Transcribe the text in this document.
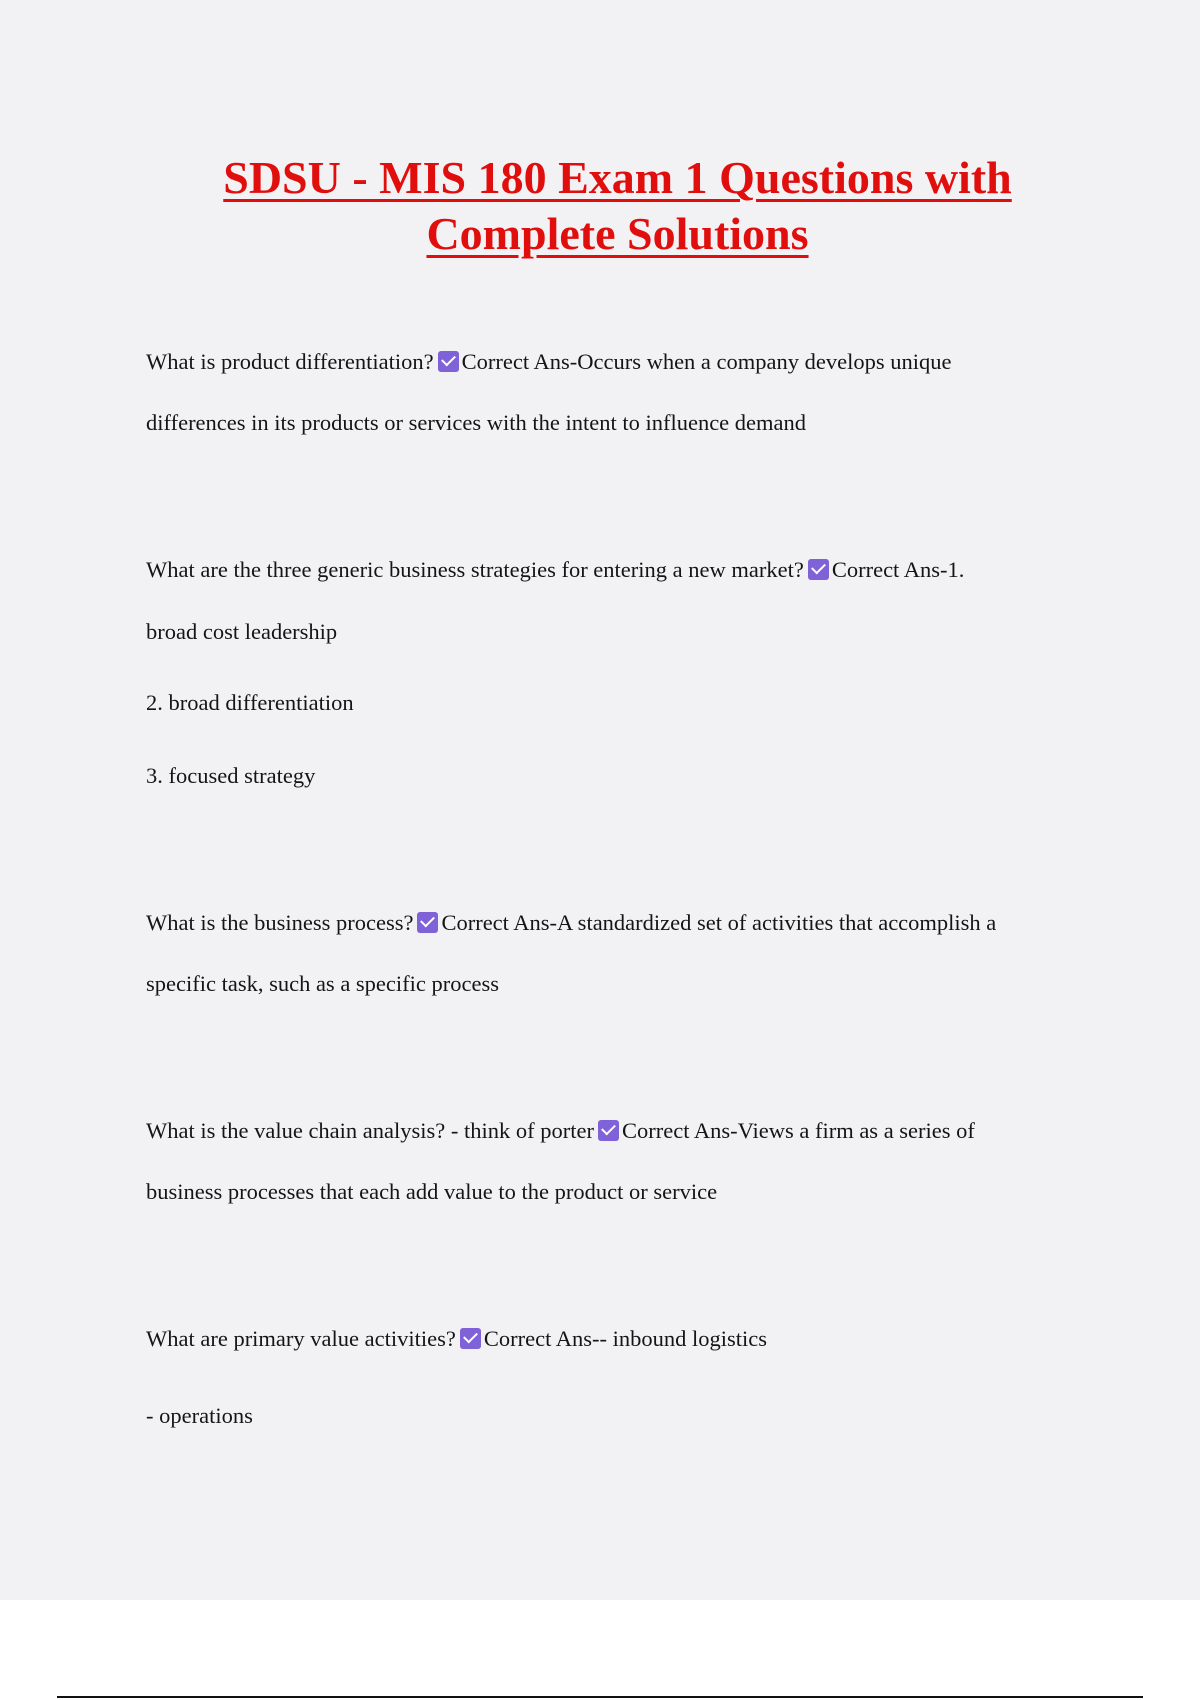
SDSU - MIS 180 Exam 1 Questions with
Complete Solutions
What is product differentiation? Correct Ans-Occurs when a company develops unique
differences in its products or services with the intent to influence demand
What are the three generic business strategies for entering a new market? Correct Ans-1.
broad cost leadership
2. broad differentiation
3. focused strategy
What is the business process? Correct Ans-A standardized set of activities that accomplish a
specific task, such as a specific process
What is the value chain analysis? - think of porter Correct Ans-Views a firm as a series of
business processes that each add value to the product or service
What are primary value activities? Correct Ans-- inbound logistics
- operations
